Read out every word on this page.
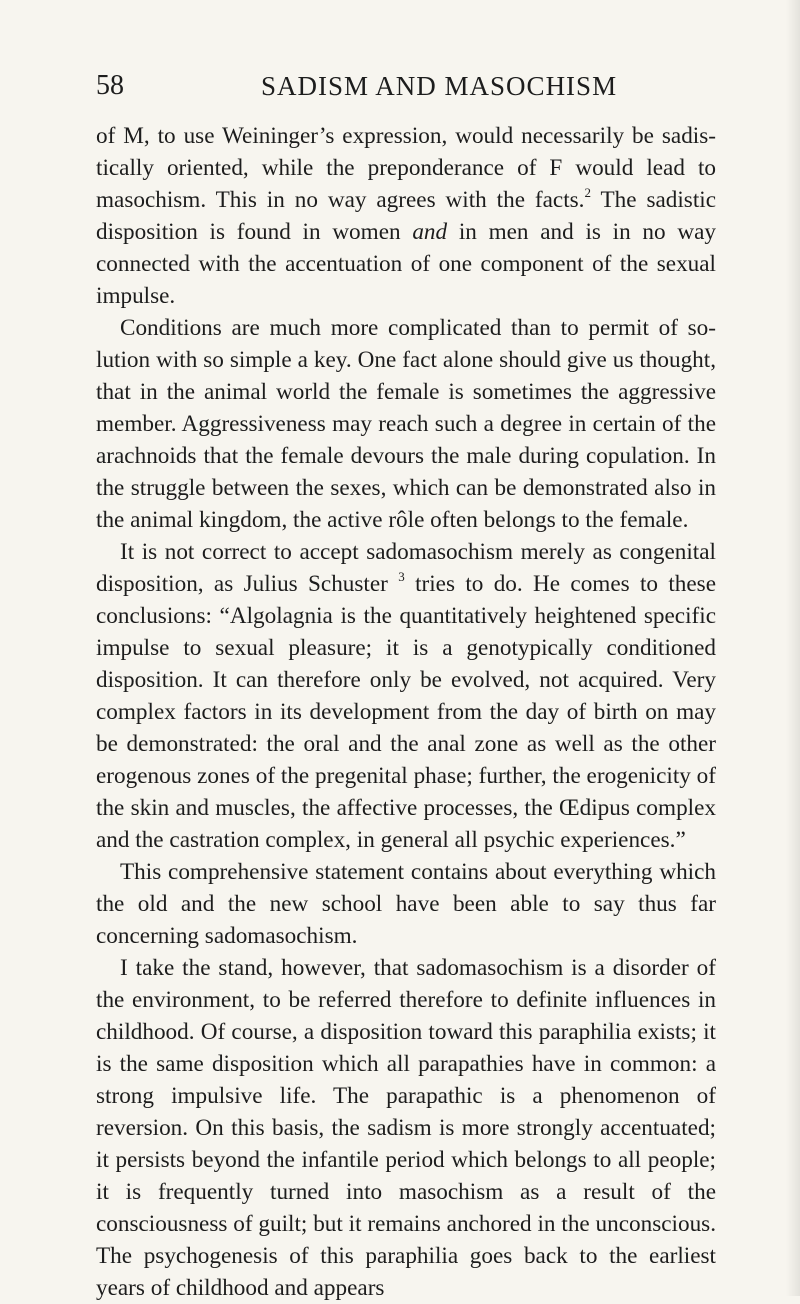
58	SADISM AND MASOCHISM

of M, to use Weininger’s expression, would necessarily be sadistically oriented, while the preponderance of F would lead to masochism. This in no way agrees with the facts.$^2$ The sadistic disposition is found in women and in men and is in no way connected with the accentuation of one component of the sexual impulse.

Conditions are much more complicated than to permit of solution with so simple a key. One fact alone should give us thought, that in the animal world the female is sometimes the aggressive member. Aggressiveness may reach such a degree in certain of the arachnoids that the female devours the male during copulation. In the struggle between the sexes, which can be demonstrated also in the animal kingdom, the active rôle often belongs to the female.

It is not correct to accept sadomasochism merely as congenital disposition, as Julius Schuster $^3$ tries to do. He comes to these conclusions: “Algolagnia is the quantitatively heightened specific impulse to sexual pleasure; it is a genotypically conditioned disposition. It can therefore only be evolved, not acquired. Very complex factors in its development from the day of birth on may be demonstrated: the oral and the anal zone as well as the other erogenous zones of the pregenital phase; further, the erogenicity of the skin and muscles, the affective processes, the Œdipus complex and the castration complex, in general all psychic experiences.”

This comprehensive statement contains about everything which the old and the new school have been able to say thus far concerning sadomasochism.

I take the stand, however, that sadomasochism is a disorder of the environment, to be referred therefore to definite influences in childhood. Of course, a disposition toward this paraphilia exists; it is the same disposition which all parapathies have in common: a strong impulsive life. The parapathic is a phenomenon of reversion. On this basis, the sadism is more strongly accentuated; it persists beyond the infantile period which belongs to all people; it is frequently turned into masochism as a result of the consciousness of guilt; but it remains anchored in the unconscious. The psychogenesis of this paraphilia goes back to the earliest years of childhood and appears
